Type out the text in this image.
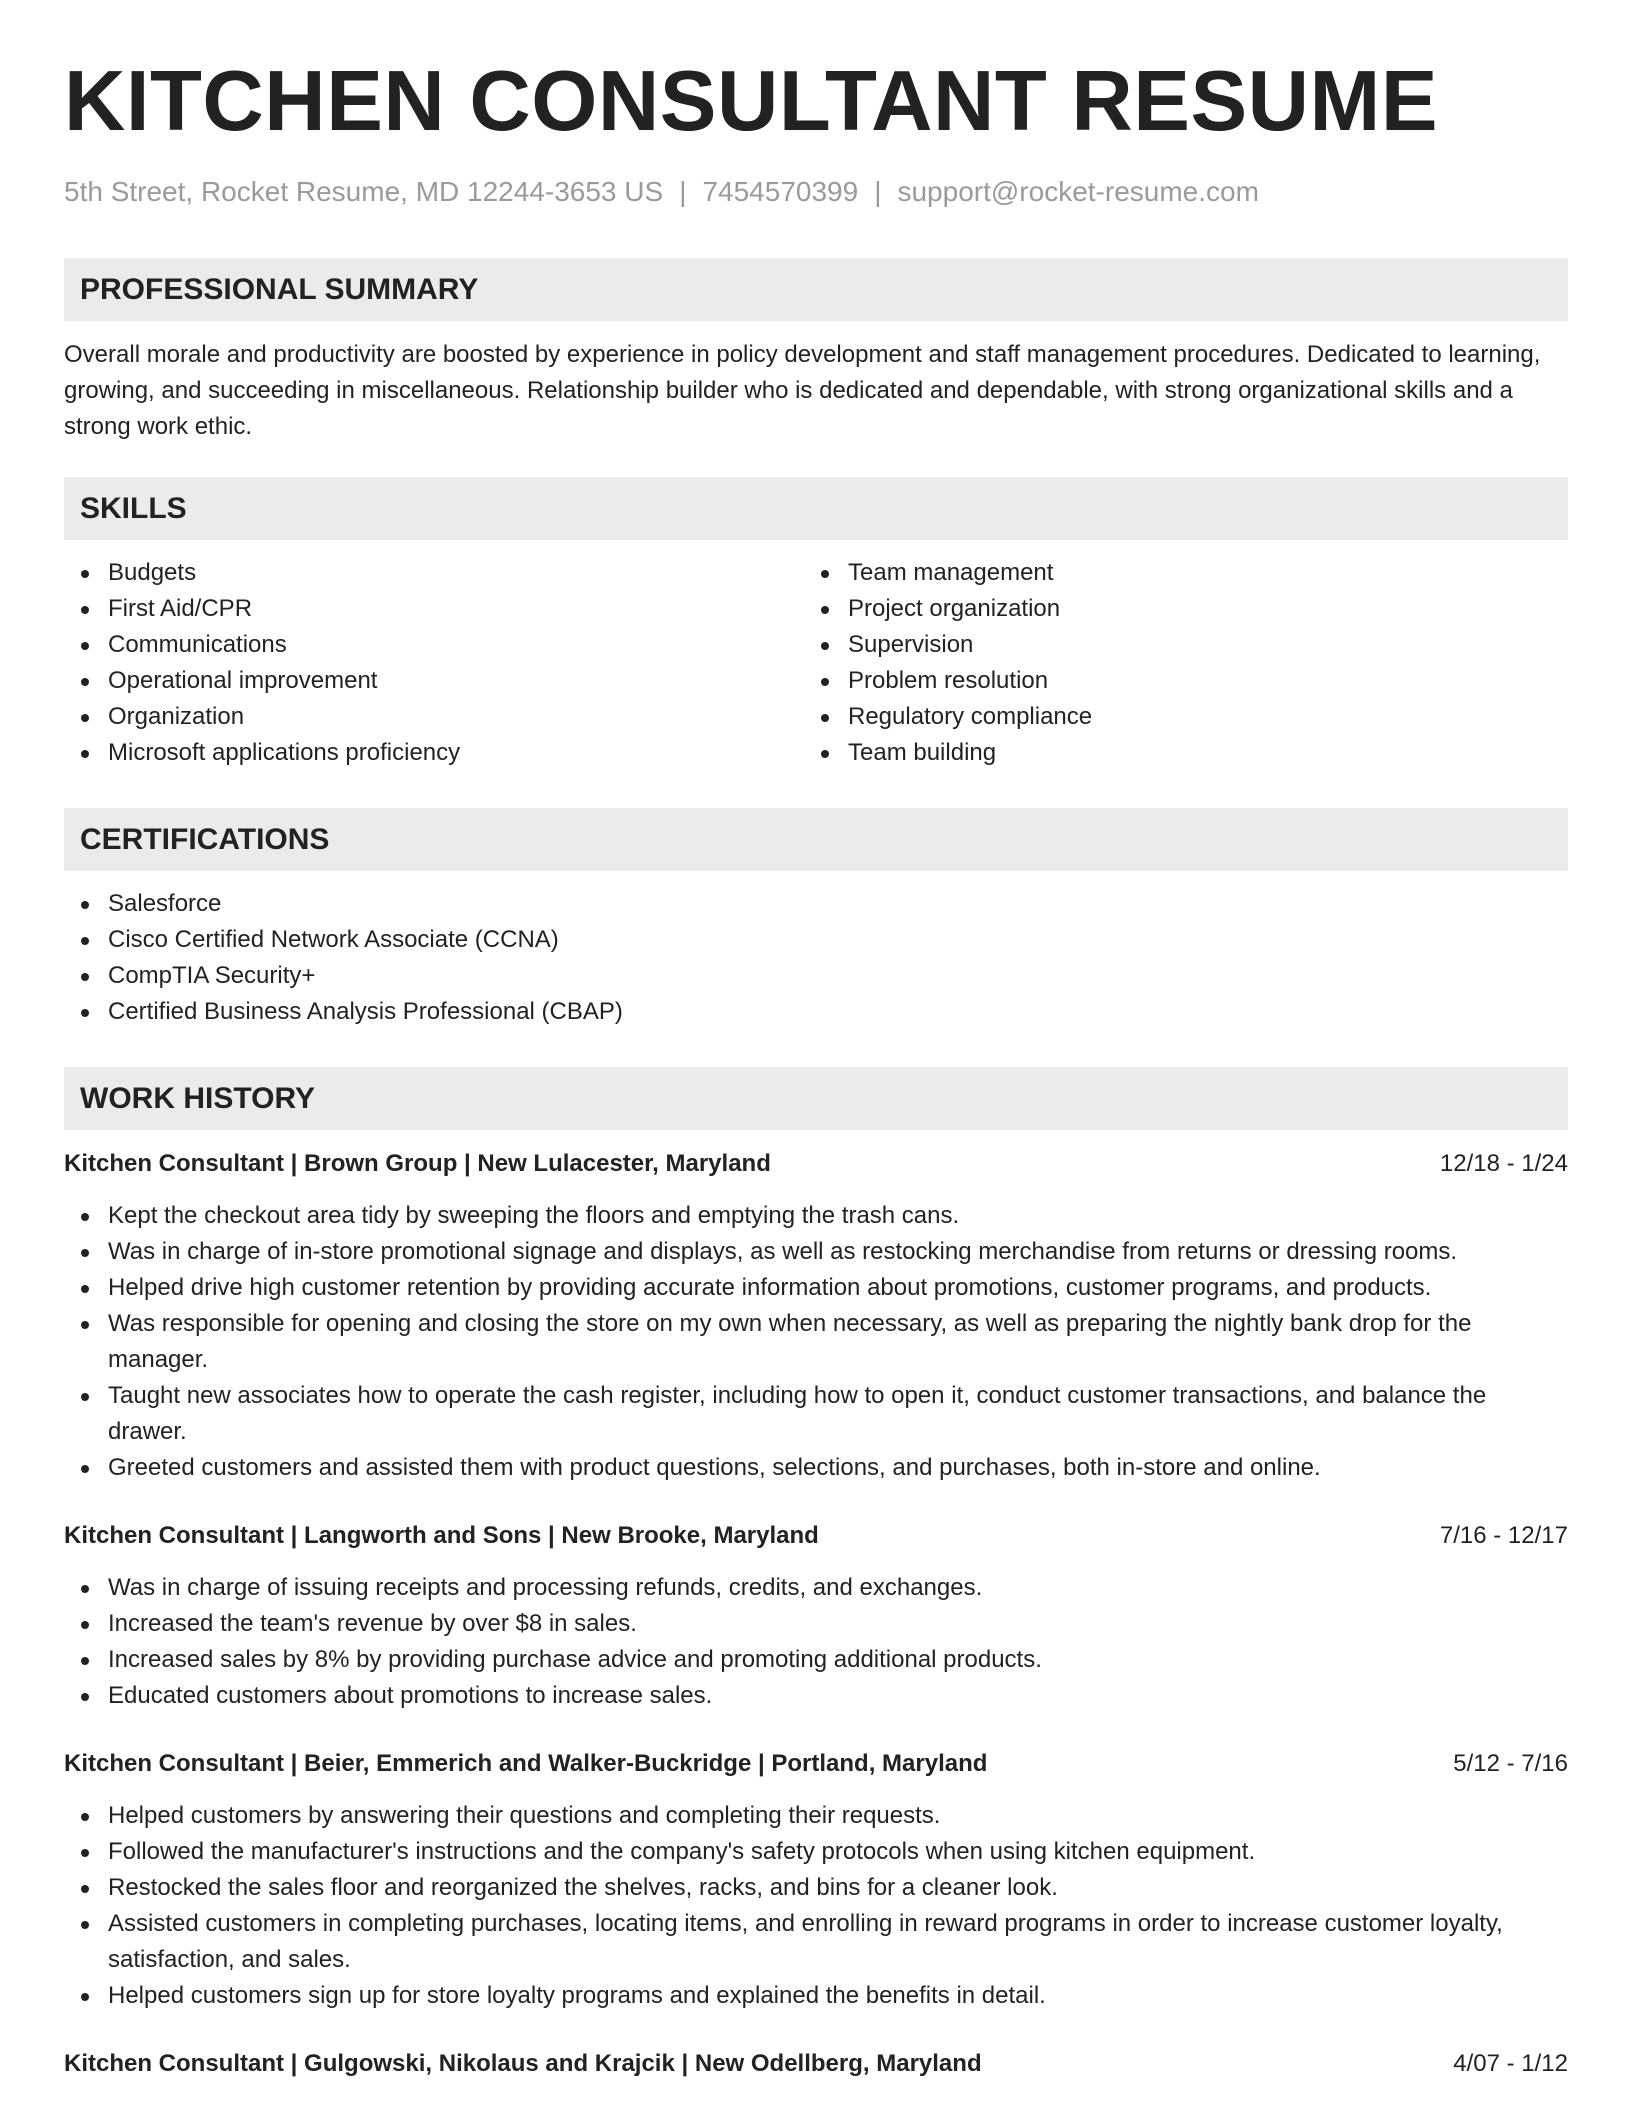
KITCHEN CONSULTANT RESUME
5th Street, Rocket Resume, MD 12244-3653 US | 7454570399 | support@rocket-resume.com
PROFESSIONAL SUMMARY
Overall morale and productivity are boosted by experience in policy development and staff management procedures. Dedicated to learning, growing, and succeeding in miscellaneous. Relationship builder who is dedicated and dependable, with strong organizational skills and a strong work ethic.
SKILLS
Budgets
First Aid/CPR
Communications
Operational improvement
Organization
Microsoft applications proficiency
Team management
Project organization
Supervision
Problem resolution
Regulatory compliance
Team building
CERTIFICATIONS
Salesforce
Cisco Certified Network Associate (CCNA)
CompTIA Security+
Certified Business Analysis Professional (CBAP)
WORK HISTORY
Kitchen Consultant | Brown Group | New Lulacester, Maryland	12/18 - 1/24
Kept the checkout area tidy by sweeping the floors and emptying the trash cans.
Was in charge of in-store promotional signage and displays, as well as restocking merchandise from returns or dressing rooms.
Helped drive high customer retention by providing accurate information about promotions, customer programs, and products.
Was responsible for opening and closing the store on my own when necessary, as well as preparing the nightly bank drop for the manager.
Taught new associates how to operate the cash register, including how to open it, conduct customer transactions, and balance the drawer.
Greeted customers and assisted them with product questions, selections, and purchases, both in-store and online.
Kitchen Consultant | Langworth and Sons | New Brooke, Maryland	7/16 - 12/17
Was in charge of issuing receipts and processing refunds, credits, and exchanges.
Increased the team's revenue by over $8 in sales.
Increased sales by 8% by providing purchase advice and promoting additional products.
Educated customers about promotions to increase sales.
Kitchen Consultant | Beier, Emmerich and Walker-Buckridge | Portland, Maryland	5/12 - 7/16
Helped customers by answering their questions and completing their requests.
Followed the manufacturer's instructions and the company's safety protocols when using kitchen equipment.
Restocked the sales floor and reorganized the shelves, racks, and bins for a cleaner look.
Assisted customers in completing purchases, locating items, and enrolling in reward programs in order to increase customer loyalty, satisfaction, and sales.
Helped customers sign up for store loyalty programs and explained the benefits in detail.
Kitchen Consultant | Gulgowski, Nikolaus and Krajcik | New Odellberg, Maryland	4/07 - 1/12
